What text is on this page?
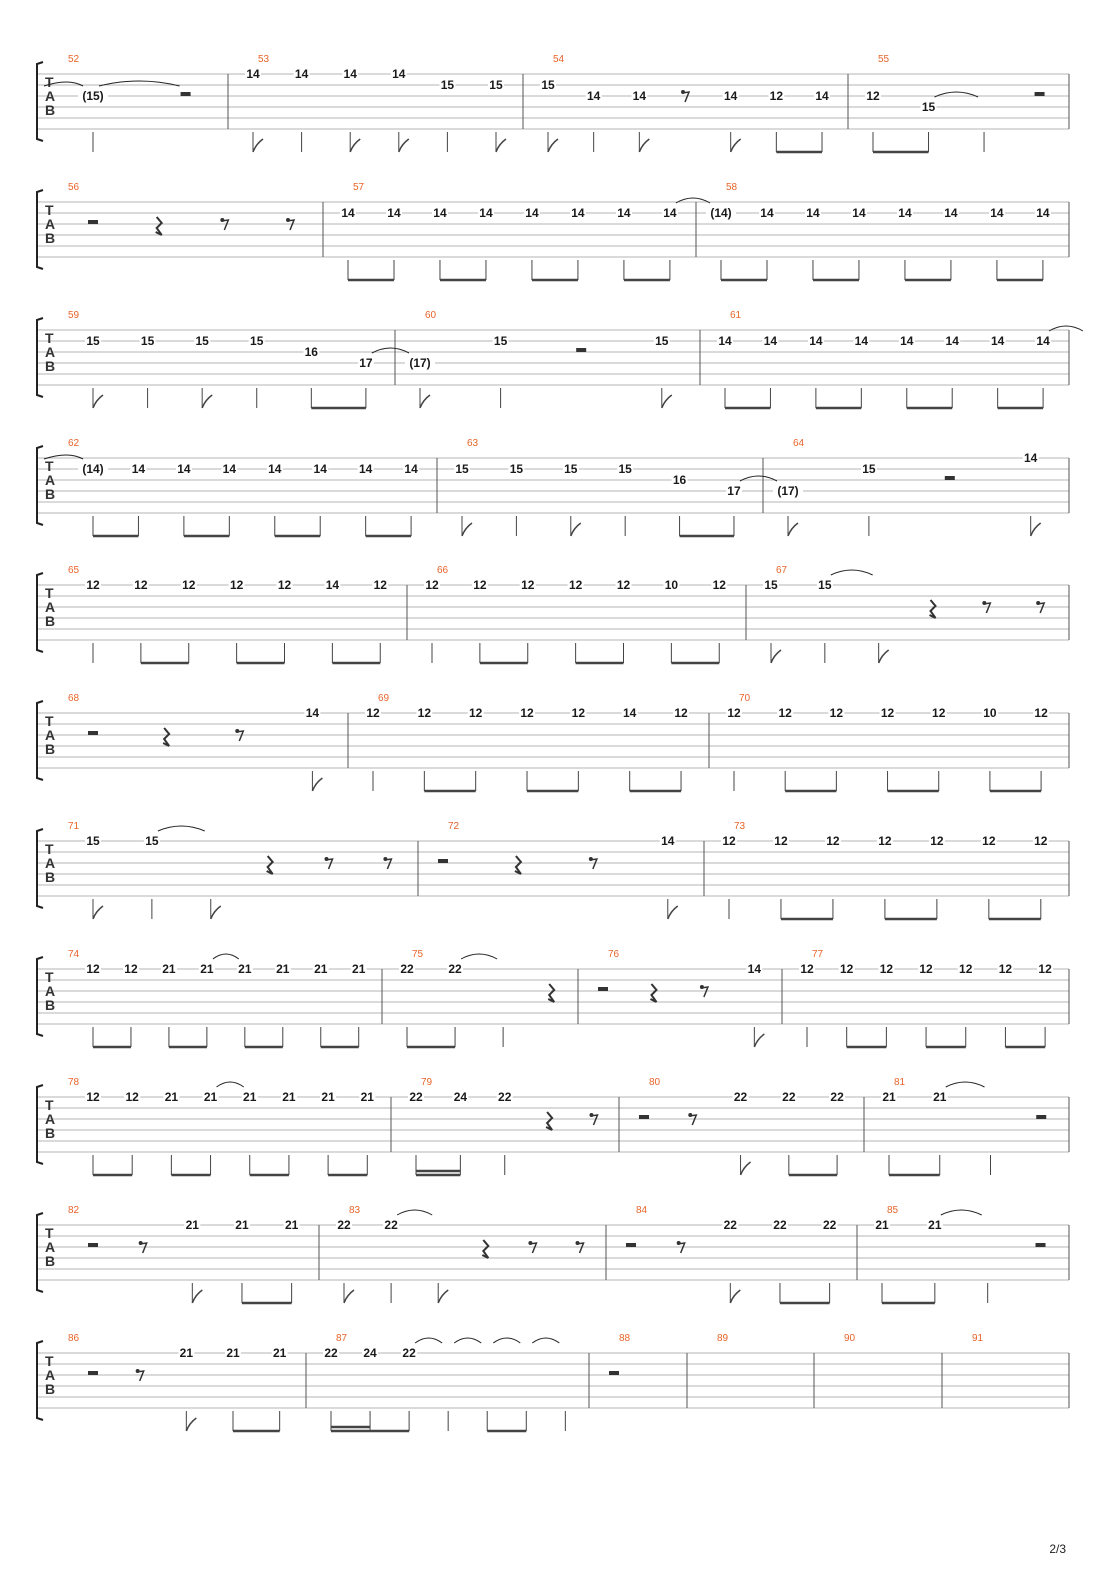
T
A
B
52
(15)
53
14	14	14	14
15	15
54
15
14	14	14	12	14
55
12
15
T
A
B
56	57
14	14	14	14	14	14	14	14
58
(14) 14	14	14	14	14	14	14
T
A
B
59
15	15	15	15
16
17
60
(17)
15	15
61
14	14	14	14	14	14	14	14
T
A
B
62
(14) 14	14	14	14	14	14	14
63
15	15	15	15
16
17
64
(17)
15
14
T
A
B
65
12	12	12	12	12	14	12
66
12	12	12	12	12	10	12
67
15	15
T
A
B
68
14
69
12	12	12	12	12	14	12
70
12	12	12	12	12	10	12
T
A
B
71
15	15
72
14
73
12	12	12	12	12	12	12
T
A
B
74
12 12 21 21 21 21 21 21
75
22	22
76
14
77
12 12 12 12 12 12 12
T
A
B
78
12 12 21 21 21 21 21 21
79
22	24	22
80
22	22	22
81
21	21
T
A
B
82
21	21	21
83
22	22
84
22	22	22
85
21	21
T
A
B
86
21	21	21
87
22 24 22
88	89	90	91
2/3
